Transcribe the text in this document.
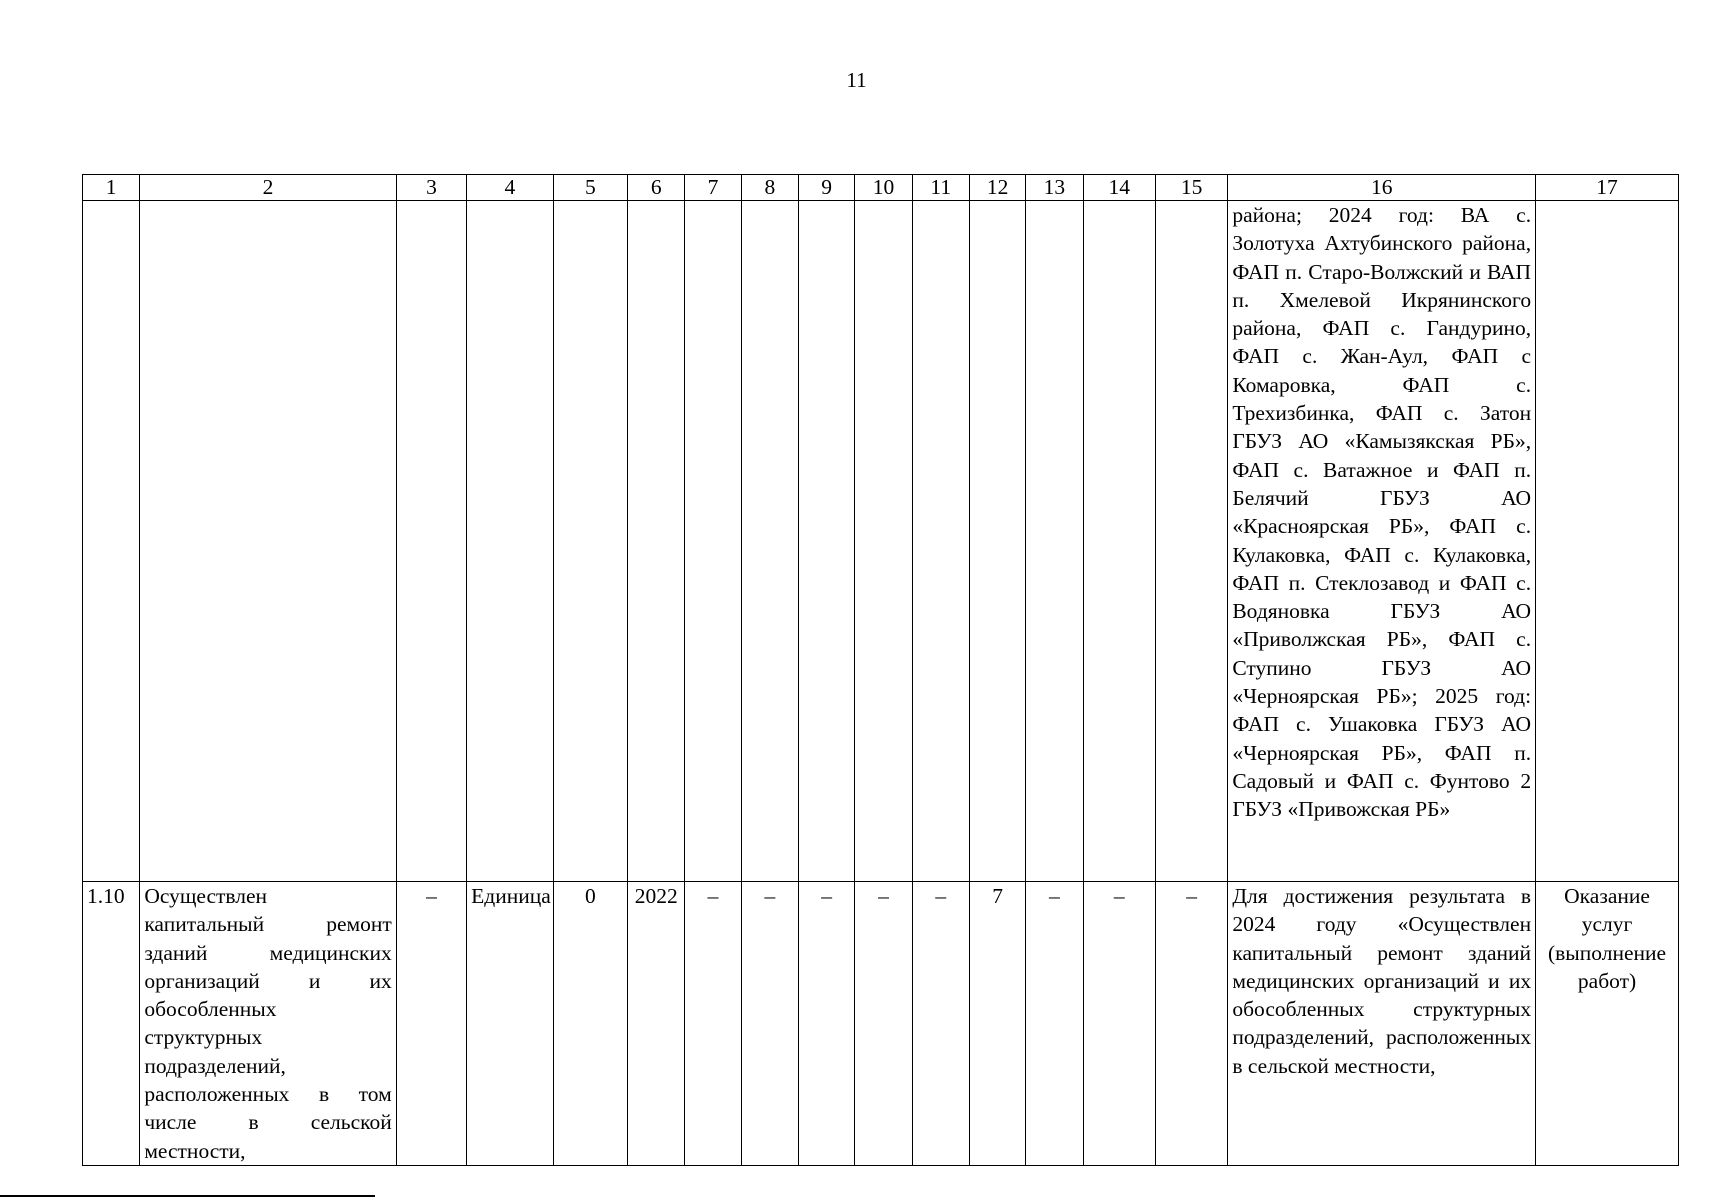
11
1	2	3	4	5	6	7	8	9	10	11	12	13	14	15	16	17
															района; 2024 год: ВА с. Золотуха Ахтубинского района, ФАП п. Старо-Волжский и ВАП п. Хмелевой Икрянинского района, ФАП с. Гандурино, ФАП с. Жан-Аул, ФАП с Комаровка, ФАП с. Трехизбинка, ФАП с. Затон ГБУЗ АО «Камызякская РБ», ФАП с. Ватажное и ФАП п. Белячий ГБУЗ АО «Красноярская РБ», ФАП с. Кулаковка, ФАП с. Кулаковка, ФАП п. Стеклозавод и ФАП с. Водяновка ГБУЗ АО «Приволжская РБ», ФАП с. Ступино ГБУЗ АО «Черноярская РБ»; 2025 год: ФАП с. Ушаковка ГБУЗ АО «Черноярская РБ», ФАП п. Садовый и ФАП с. Фунтово 2 ГБУЗ «Привожская РБ»	
1.10	Осуществлен капитальный ремонт зданий медицинских организаций и их обособленных структурных подразделений, расположенных в том числе в сельской местности,	–	Единица	0	2022	–	–	–	–	–	7	–	–	–	Для достижения результата в 2024 году «Осуществлен капитальный ремонт зданий медицинских организаций и их обособленных структурных подразделений, расположенных в сельской местности,	Оказание услуг (выполнение работ)
